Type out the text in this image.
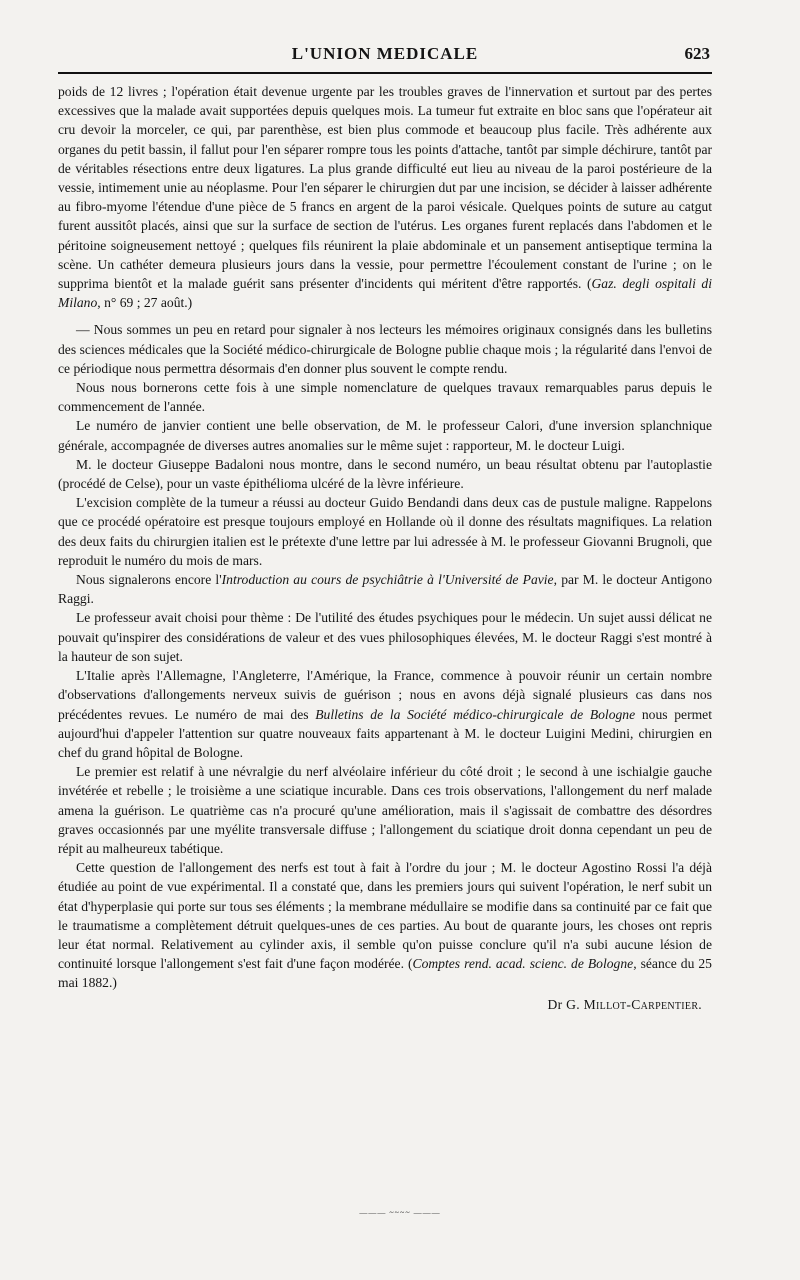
L'UNION MEDICALE	623

poids de 12 livres ; l'opération était devenue urgente par les troubles graves de l'innervation et surtout par des pertes excessives que la malade avait supportées depuis quelques mois. La tumeur fut extraite en bloc sans que l'opérateur ait cru devoir la morceler, ce qui, par parenthèse, est bien plus commode et beaucoup plus facile. Très adhérente aux organes du petit bassin, il fallut pour l'en séparer rompre tous les points d'attache, tantôt par simple déchirure, tantôt par de véritables résections entre deux ligatures. La plus grande difficulté eut lieu au niveau de la paroi postérieure de la vessie, intimement unie au néoplasme. Pour l'en séparer le chirurgien dut par une incision, se décider à laisser adhérente au fibro-myome l'étendue d'une pièce de 5 francs en argent de la paroi vésicale. Quelques points de suture au catgut furent aussitôt placés, ainsi que sur la surface de section de l'utérus. Les organes furent replacés dans l'abdomen et le péritoine soigneusement nettoyé ; quelques fils réunirent la plaie abdominale et un pansement antiseptique termina la scène. Un cathéter demeura plusieurs jours dans la vessie, pour permettre l'écoulement constant de l'urine ; on le supprima bientôt et la malade guérit sans présenter d'incidents qui méritent d'être rapportés. (Gaz. degli ospitali di Milano, n° 69 ; 27 août.)

— Nous sommes un peu en retard pour signaler à nos lecteurs les mémoires originaux consignés dans les bulletins des sciences médicales que la Société médico-chirurgicale de Bologne publie chaque mois ; la régularité dans l'envoi de ce périodique nous permettra désormais d'en donner plus souvent le compte rendu.

Nous nous bornerons cette fois à une simple nomenclature de quelques travaux remarquables parus depuis le commencement de l'année.

Le numéro de janvier contient une belle observation, de M. le professeur Calori, d'une inversion splanchnique générale, accompagnée de diverses autres anomalies sur le même sujet : rapporteur, M. le docteur Luigi.

M. le docteur Giuseppe Badaloni nous montre, dans le second numéro, un beau résultat obtenu par l'autoplastie (procédé de Celse), pour un vaste épithélioma ulcéré de la lèvre inférieure.

L'excision complète de la tumeur a réussi au docteur Guido Bendandi dans deux cas de pustule maligne. Rappelons que ce procédé opératoire est presque toujours employé en Hollande où il donne des résultats magnifiques. La relation des deux faits du chirurgien italien est le prétexte d'une lettre par lui adressée à M. le professeur Giovanni Brugnoli, que reproduit le numéro du mois de mars.

Nous signalerons encore l'Introduction au cours de psychiâtrie à l'Université de Pavie, par M. le docteur Antigono Raggi.

Le professeur avait choisi pour thème : De l'utilité des études psychiques pour le médecin. Un sujet aussi délicat ne pouvait qu'inspirer des considérations de valeur et des vues philosophiques élevées, M. le docteur Raggi s'est montré à la hauteur de son sujet.

L'Italie après l'Allemagne, l'Angleterre, l'Amérique, la France, commence à pouvoir réunir un certain nombre d'observations d'allongements nerveux suivis de guérison ; nous en avons déjà signalé plusieurs cas dans nos précédentes revues. Le numéro de mai des Bulletins de la Société médico-chirurgicale de Bologne nous permet aujourd'hui d'appeler l'attention sur quatre nouveaux faits appartenant à M. le docteur Luigini Medini, chirurgien en chef du grand hôpital de Bologne.

Le premier est relatif à une névralgie du nerf alvéolaire inférieur du côté droit ; le second à une ischialgie gauche invétérée et rebelle ; le troisième a une sciatique incurable. Dans ces trois observations, l'allongement du nerf malade amena la guérison. Le quatrième cas n'a procuré qu'une amélioration, mais il s'agissait de combattre des désordres graves occasionnés par une myélite transversale diffuse ; l'allongement du sciatique droit donna cependant un peu de répit au malheureux tabétique.

Cette question de l'allongement des nerfs est tout à fait à l'ordre du jour ; M. le docteur Agostino Rossi l'a déjà étudiée au point de vue expérimental. Il a constaté que, dans les premiers jours qui suivent l'opération, le nerf subit un état d'hyperplasie qui porte sur tous ses éléments ; la membrane médullaire se modifie dans sa continuité par ce fait que le traumatisme a complètement détruit quelques-unes de ces parties. Au bout de quarante jours, les choses ont repris leur état normal. Relativement au cylinder axis, il semble qu'on puisse conclure qu'il n'a subi aucune lésion de continuité lorsque l'allongement s'est fait d'une façon modérée. (Comptes rend. acad. scienc. de Bologne, séance du 25 mai 1882.)

Dr G. Millot-Carpentier.
——— ~~~~ ———
